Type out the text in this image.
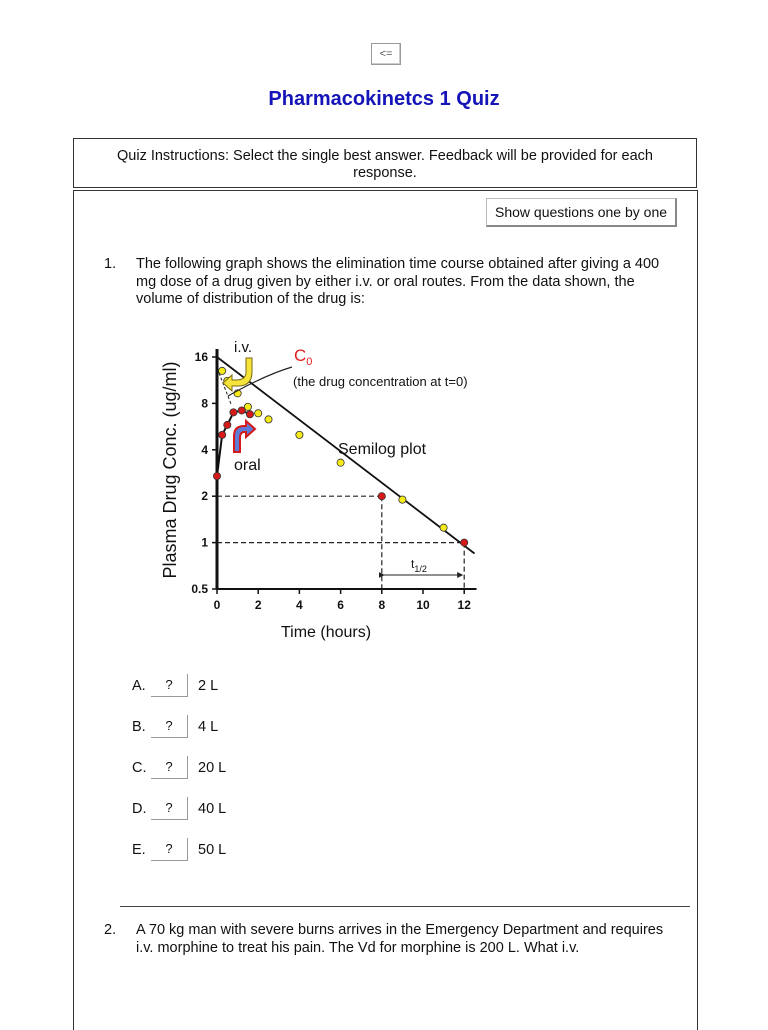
<=
Pharmacokinetcs 1 Quiz
Quiz Instructions: Select the single best answer. Feedback will be provided for each response.
Show questions one by one
1. The following graph shows the elimination time course obtained after giving a 400 mg dose of a drug given by either i.v. or oral routes. From the data shown, the volume of distribution of the drug is:
Plasma Drug Conc. (ug/ml)
Time (hours)
0.5
1
2
4
8
16
0	2	4	6	8	10 12
i.v. $C_0$
(the drug concentration at t=0)
Semilog plot
oral
$t_{1/2}$
A.	?	2 L
B.	?	4 L
C.	?	20 L
D.	?	40 L
E.	?	50 L
2. A 70 kg man with severe burns arrives in the Emergency Department and requires i.v. morphine to treat his pain. The Vd for morphine is 200 L. What i.v.
